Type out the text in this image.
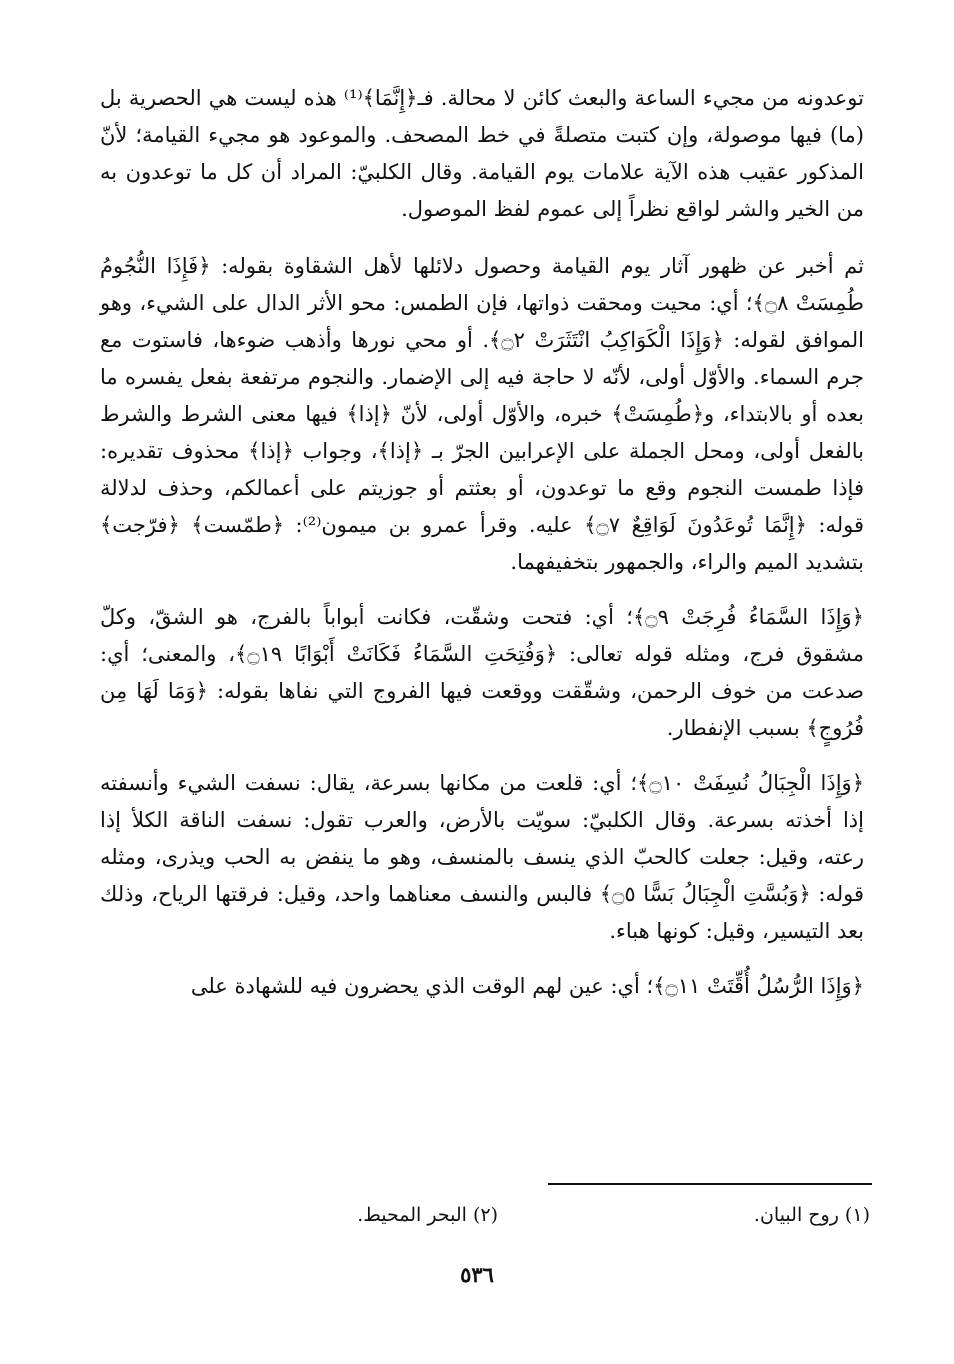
توعدونه من مجيء الساعة والبعث كائن لا محالة. فـ﴿إِنَّمَا﴾⁽¹⁾ هذه ليست هي الحصرية بل (ما) فيها موصولة، وإن كتبت متصلةً في خط المصحف. والموعود هو مجيء القيامة؛ لأنّ المذكور عقيب هذه الآية علامات يوم القيامة. وقال الكلبيّ: المراد أن كل ما توعدون به من الخير والشر لواقع نظراً إلى عموم لفظ الموصول.

ثم أخبر عن ظهور آثار يوم القيامة وحصول دلائلها لأهل الشقاوة بقوله: ﴿فَإِذَا النُّجُومُ طُمِسَتْ ۝٨﴾؛ أي: محيت ومحقت ذواتها، فإن الطمس: محو الأثر الدال على الشيء، وهو الموافق لقوله: ﴿وَإِذَا الْكَوَاكِبُ انْتَثَرَتْ ۝٢﴾. أو محي نورها وأذهب ضوءها، فاستوت مع جرم السماء. والأوّل أولى، لأنّه لا حاجة فيه إلى الإضمار. والنجوم مرتفعة بفعل يفسره ما بعده أو بالابتداء، و﴿طُمِسَتْ﴾ خبره، والأوّل أولى، لأنّ ﴿إذا﴾ فيها معنى الشرط والشرط بالفعل أولى، ومحل الجملة على الإعرابين الجرّ بـ ﴿إذا﴾، وجواب ﴿إذا﴾ محذوف تقديره: فإذا طمست النجوم وقع ما توعدون، أو بعثتم أو جوزيتم على أعمالكم، وحذف لدلالة قوله: ﴿إِنَّمَا تُوعَدُونَ لَوَاقِعٌ ۝٧﴾ عليه. وقرأ عمرو بن ميمون⁽²⁾: ﴿طمّست﴾ ﴿فرّجت﴾ بتشديد الميم والراء، والجمهور بتخفيفهما.

﴿وَإِذَا السَّمَاءُ فُرِجَتْ ۝٩﴾؛ أي: فتحت وشقّت، فكانت أبواباً بالفرج، هو الشقّ، وكلّ مشقوق فرج، ومثله قوله تعالى: ﴿وَفُتِحَتِ السَّمَاءُ فَكَانَتْ أَبْوَابًا ۝١٩﴾، والمعنى؛ أي: صدعت من خوف الرحمن، وشقّقت ووقعت فيها الفروج التي نفاها بقوله: ﴿وَمَا لَهَا مِن فُرُوجٍ﴾ بسبب الإنفطار.

﴿وَإِذَا الْجِبَالُ نُسِفَتْ ۝١٠﴾؛ أي: قلعت من مكانها بسرعة، يقال: نسفت الشيء وأنسفته إذا أخذته بسرعة. وقال الكلبيّ: سويّت بالأرض، والعرب تقول: نسفت الناقة الكلأ إذا رعته، وقيل: جعلت كالحبّ الذي ينسف بالمنسف، وهو ما ينفض به الحب ويذرى، ومثله قوله: ﴿وَبُسَّتِ الْجِبَالُ بَسًّا ۝٥﴾ فالبس والنسف معناهما واحد، وقيل: فرقتها الرياح، وذلك بعد التيسير، وقيل: كونها هباء.

﴿وَإِذَا الرُّسُلُ أُقِّتَتْ ۝١١﴾؛ أي: عين لهم الوقت الذي يحضرون فيه للشهادة على

(١) روح البيان.
(٢) البحر المحيط.
٥٣٦
